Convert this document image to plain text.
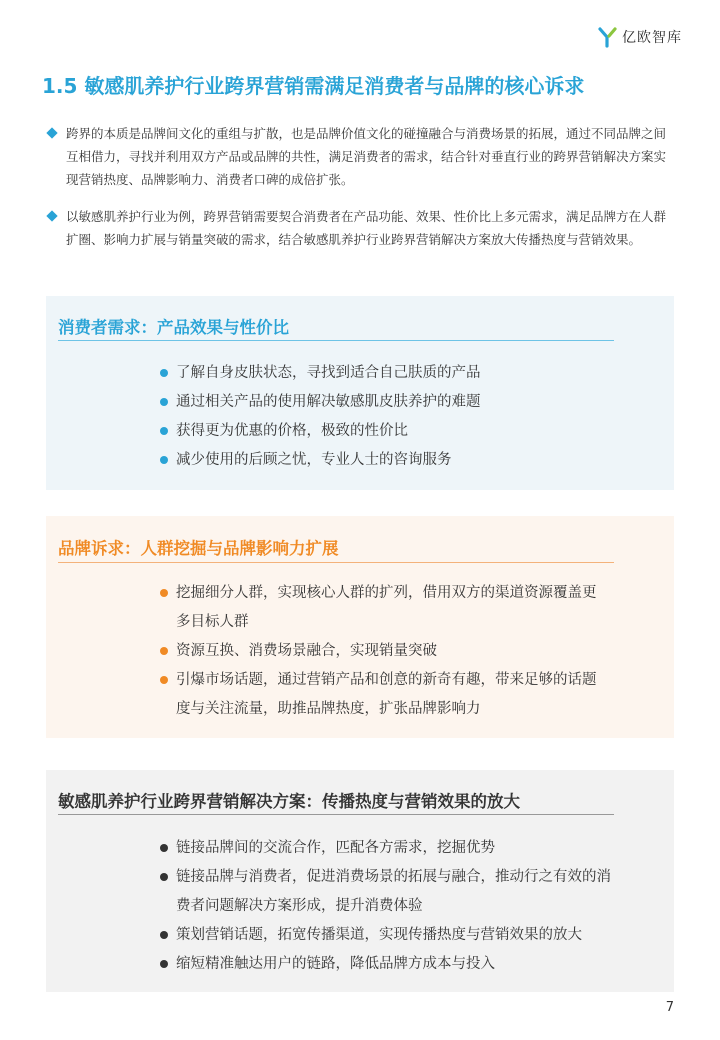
亿欧智库
1.5 敏感肌养护行业跨界营销需满足消费者与品牌的核心诉求
跨界的本质是品牌间文化的重组与扩散，也是品牌价值文化的碰撞融合与消费场景的拓展，通过不同品牌之间互相借力，寻找并利用双方产品或品牌的共性，满足消费者的需求，结合针对垂直行业的跨界营销解决方案实现营销热度、品牌影响力、消费者口碑的成倍扩张。
以敏感肌养护行业为例，跨界营销需要契合消费者在产品功能、效果、性价比上多元需求，满足品牌方在人群扩圈、影响力扩展与销量突破的需求，结合敏感肌养护行业跨界营销解决方案放大传播热度与营销效果。
消费者需求：产品效果与性价比
了解自身皮肤状态，寻找到适合自己肤质的产品
通过相关产品的使用解决敏感肌皮肤养护的难题
获得更为优惠的价格，极致的性价比
减少使用的后顾之忧，专业人士的咨询服务
品牌诉求：人群挖掘与品牌影响力扩展
挖掘细分人群，实现核心人群的扩列，借用双方的渠道资源覆盖更多目标人群
资源互换、消费场景融合，实现销量突破
引爆市场话题，通过营销产品和创意的新奇有趣，带来足够的话题度与关注流量，助推品牌热度，扩张品牌影响力
敏感肌养护行业跨界营销解决方案：传播热度与营销效果的放大
链接品牌间的交流合作，匹配各方需求，挖掘优势
链接品牌与消费者，促进消费场景的拓展与融合，推动行之有效的消费者问题解决方案形成，提升消费体验
策划营销话题，拓宽传播渠道，实现传播热度与营销效果的放大
缩短精准触达用户的链路，降低品牌方成本与投入
7
